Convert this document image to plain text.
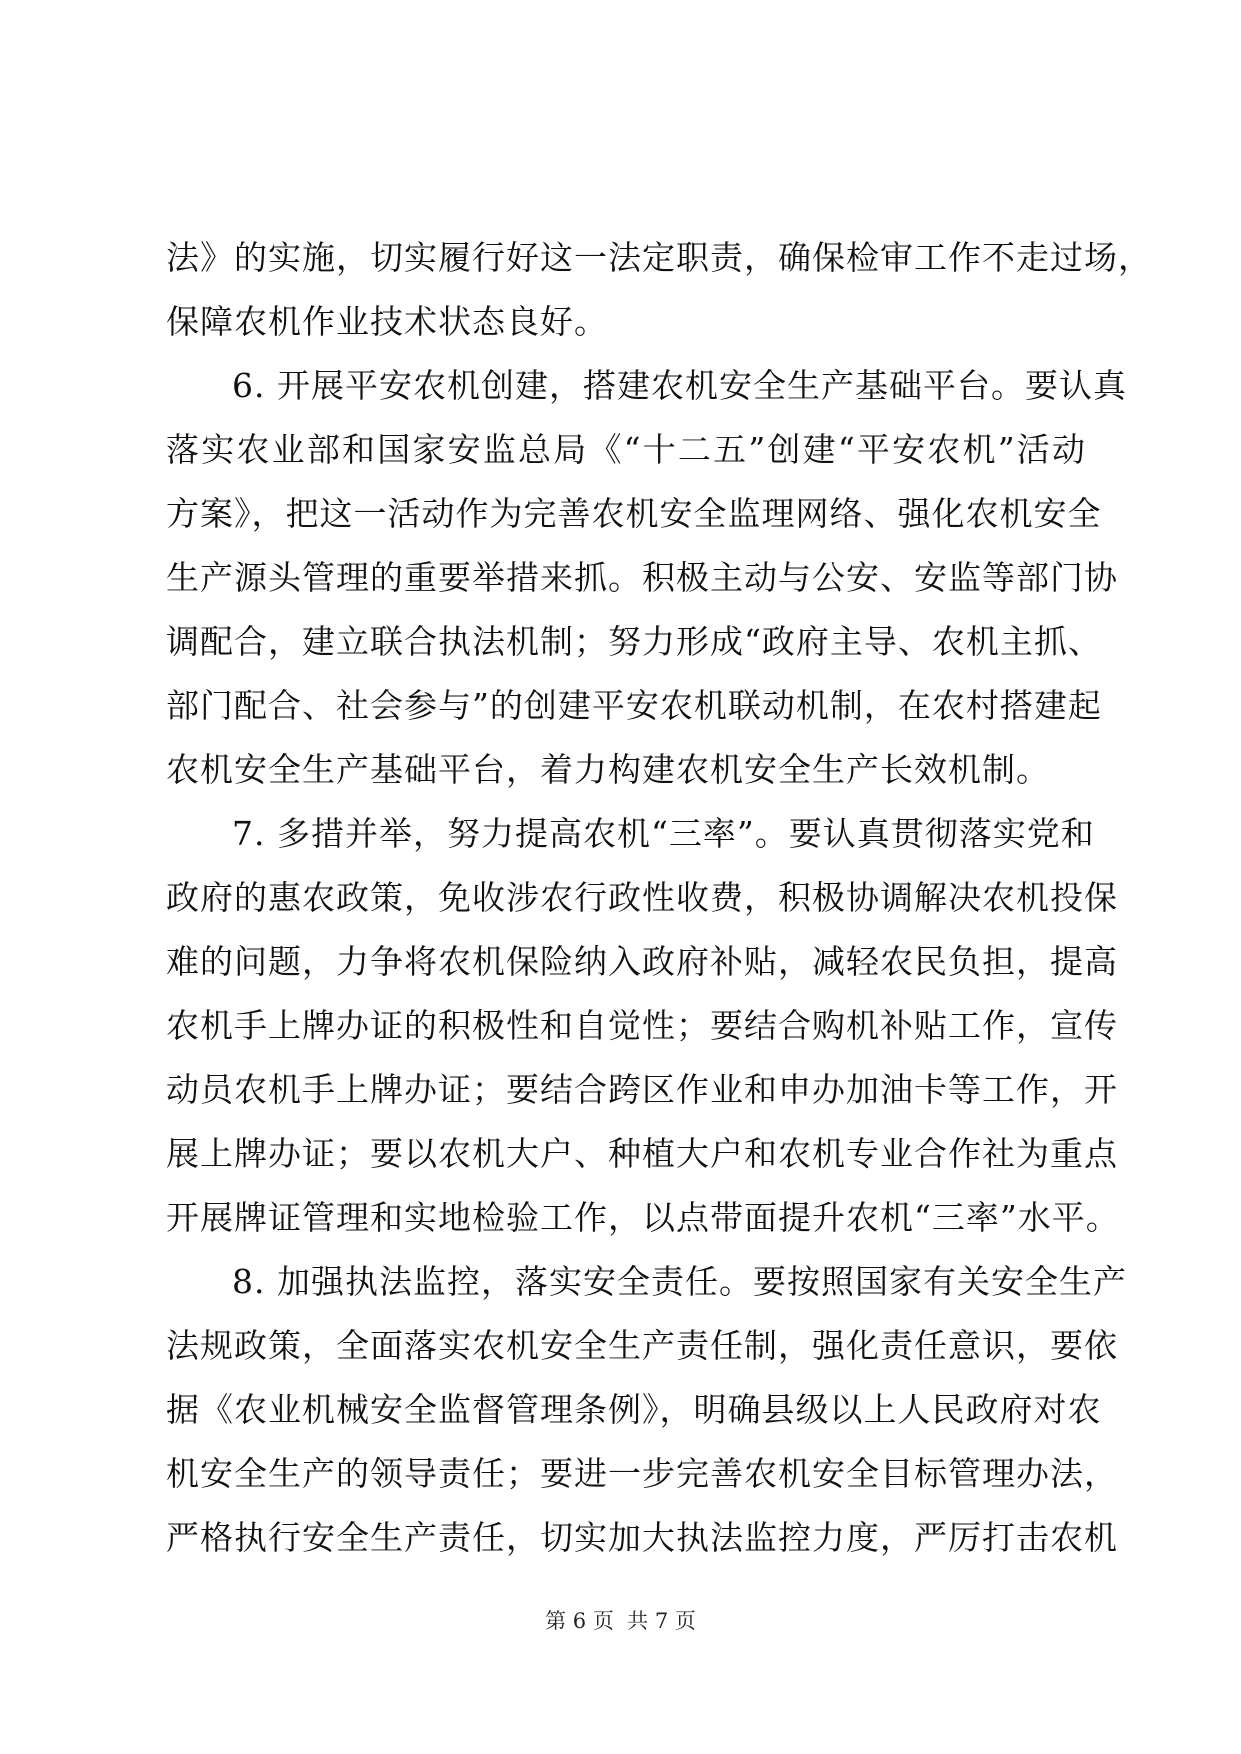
法》的实施，切实履行好这一法定职责，确保检审工作不走过场，
保障农机作业技术状态良好。
6. 开展平安农机创建，搭建农机安全生产基础平台。要认真
落实农业部和国家安监总局《“十二五”创建“平安农机”活动
方案》，把这一活动作为完善农机安全监理网络、强化农机安全
生产源头管理的重要举措来抓。积极主动与公安、安监等部门协
调配合，建立联合执法机制；努力形成“政府主导、农机主抓、
部门配合、社会参与”的创建平安农机联动机制，在农村搭建起
农机安全生产基础平台，着力构建农机安全生产长效机制。
7. 多措并举，努力提高农机“三率”。要认真贯彻落实党和
政府的惠农政策，免收涉农行政性收费，积极协调解决农机投保
难的问题，力争将农机保险纳入政府补贴，减轻农民负担，提高
农机手上牌办证的积极性和自觉性；要结合购机补贴工作，宣传
动员农机手上牌办证；要结合跨区作业和申办加油卡等工作，开
展上牌办证；要以农机大户、种植大户和农机专业合作社为重点
开展牌证管理和实地检验工作，以点带面提升农机“三率”水平。
8. 加强执法监控，落实安全责任。要按照国家有关安全生产
法规政策，全面落实农机安全生产责任制，强化责任意识，要依
据《农业机械安全监督管理条例》，明确县级以上人民政府对农
机安全生产的领导责任；要进一步完善农机安全目标管理办法，
严格执行安全生产责任，切实加大执法监控力度，严厉打击农机
第 6 页  共 7 页
